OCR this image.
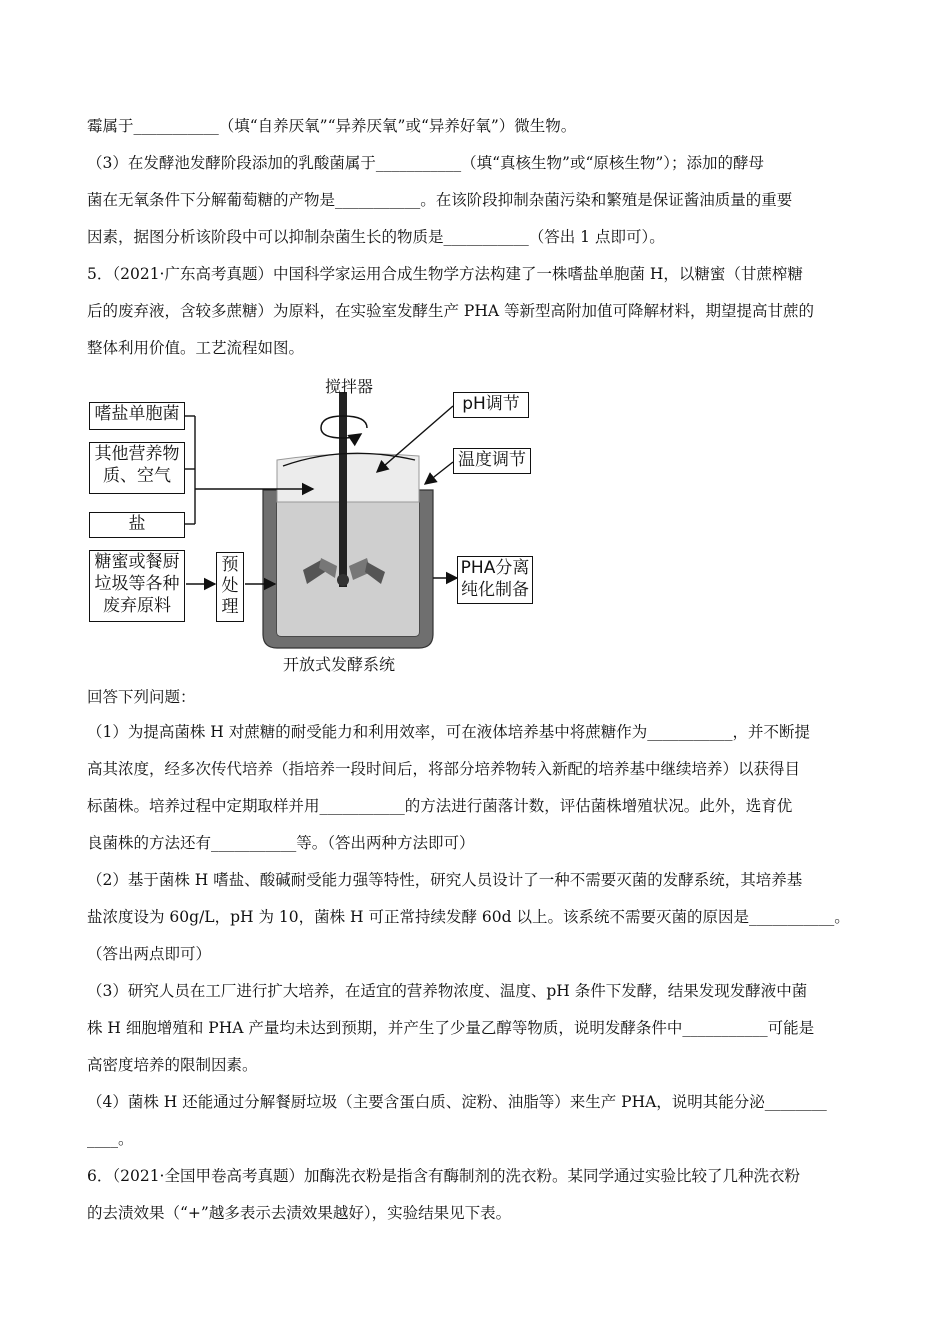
霉属于___________（填“自养厌氧”“异养厌氧”或“异养好氧”）微生物。
（3）在发酵池发酵阶段添加的乳酸菌属于___________（填“真核生物”或“原核生物”）；添加的酵母
菌在无氧条件下分解葡萄糖的产物是___________。在该阶段抑制杂菌污染和繁殖是保证酱油质量的重要
因素，据图分析该阶段中可以抑制杂菌生长的物质是___________（答出 1 点即可）。
5．（2021·广东高考真题）中国科学家运用合成生物学方法构建了一株嗜盐单胞菌 H，以糖蜜（甘蔗榨糖
后的废弃液，含较多蔗糖）为原料，在实验室发酵生产 PHA 等新型高附加值可降解材料，期望提高甘蔗的
整体利用价值。工艺流程如图。
搅拌器
嗜盐单胞菌
其他营养物
质、空气
盐
糖蜜或餐厨
垃圾等各种
废弃原料
预处理
pH调节
温度调节
PHA分离
纯化制备
开放式发酵系统
回答下列问题：
（1）为提高菌株 H 对蔗糖的耐受能力和利用效率，可在液体培养基中将蔗糖作为___________，并不断提
高其浓度，经多次传代培养（指培养一段时间后，将部分培养物转入新配的培养基中继续培养）以获得目
标菌株。培养过程中定期取样并用___________的方法进行菌落计数，评估菌株增殖状况。此外，选育优
良菌株的方法还有___________等。（答出两种方法即可）
（2）基于菌株 H 嗜盐、酸碱耐受能力强等特性，研究人员设计了一种不需要灭菌的发酵系统，其培养基
盐浓度设为 60g/L，pH 为 10，菌株 H 可正常持续发酵 60d 以上。该系统不需要灭菌的原因是___________。
（答出两点即可）
（3）研究人员在工厂进行扩大培养，在适宜的营养物浓度、温度、pH 条件下发酵，结果发现发酵液中菌
株 H 细胞增殖和 PHA 产量均未达到预期，并产生了少量乙醇等物质，说明发酵条件中___________可能是
高密度培养的限制因素。
（4）菌株 H 还能通过分解餐厨垃圾（主要含蛋白质、淀粉、油脂等）来生产 PHA，说明其能分泌________
____。
6．（2021·全国甲卷高考真题）加酶洗衣粉是指含有酶制剂的洗衣粉。某同学通过实验比较了几种洗衣粉
的去渍效果（“+”越多表示去渍效果越好），实验结果见下表。
